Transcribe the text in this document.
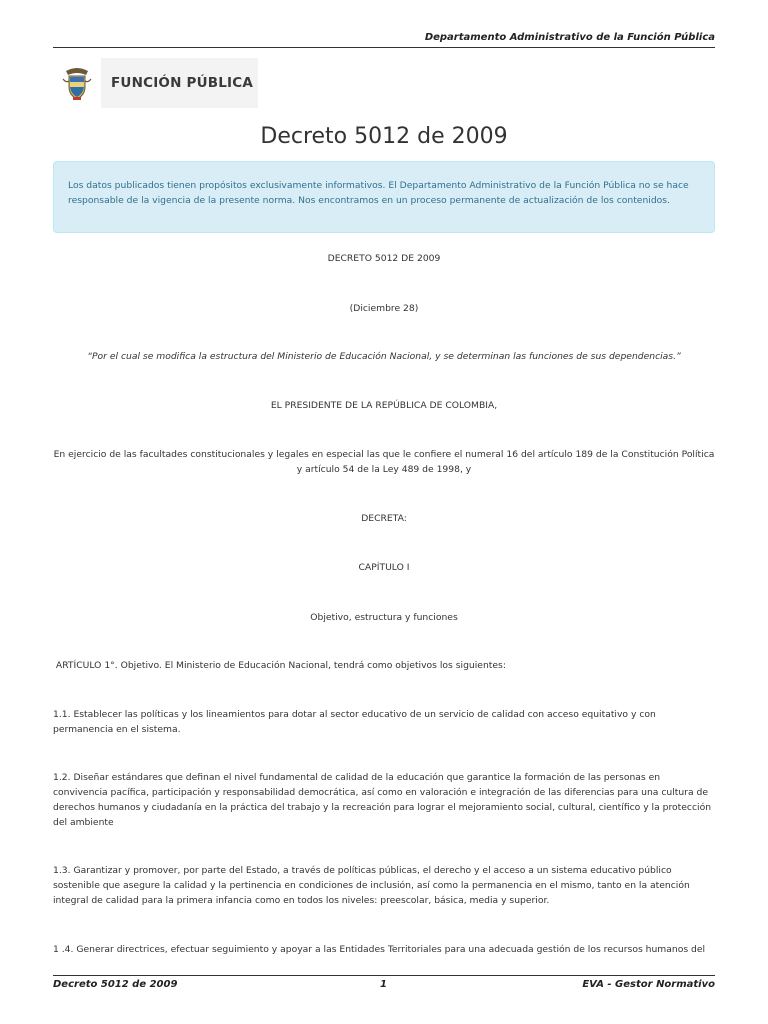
Departamento Administrativo de la Función Pública
FUNCIÓN PÚBLICA
Decreto 5012 de 2009
Los datos publicados tienen propósitos exclusivamente informativos. El Departamento Administrativo de la Función Pública no se hace responsable de la vigencia de la presente norma. Nos encontramos en un proceso permanente de actualización de los contenidos.
DECRETO 5012 DE 2009
(Diciembre 28)
“Por el cual se modifica la estructura del Ministerio de Educación Nacional, y se determinan las funciones de sus dependencias.”
EL PRESIDENTE DE LA REPÚBLICA DE COLOMBIA,
En ejercicio de las facultades constitucionales y legales en especial las que le confiere el numeral 16 del artículo 189 de la Constitución Política y artículo 54 de la Ley 489 de 1998, y
DECRETA:
CAPÍTULO I
Objetivo, estructura y funciones
ARTÍCULO 1°. Objetivo. El Ministerio de Educación Nacional, tendrá como objetivos los siguientes:
1.1. Establecer las políticas y los lineamientos para dotar al sector educativo de un servicio de calidad con acceso equitativo y con permanencia en el sistema.
1.2. Diseñar estándares que definan el nivel fundamental de calidad de la educación que garantice la formación de las personas en convivencia pacífica, participación y responsabilidad democrática, así como en valoración e integración de las diferencias para una cultura de derechos humanos y ciudadanía en la práctica del trabajo y la recreación para lograr el mejoramiento social, cultural, científico y la protección del ambiente
1.3. Garantizar y promover, por parte del Estado, a través de políticas públicas, el derecho y el acceso a un sistema educativo público sostenible que asegure la calidad y la pertinencia en condiciones de inclusión, así como la permanencia en el mismo, tanto en la atención integral de calidad para la primera infancia como en todos los niveles: preescolar, básica, media y superior.
1 .4. Generar directrices, efectuar seguimiento y apoyar a las Entidades Territoriales para una adecuada gestión de los recursos humanos del
Decreto 5012 de 2009	1	EVA - Gestor Normativo
